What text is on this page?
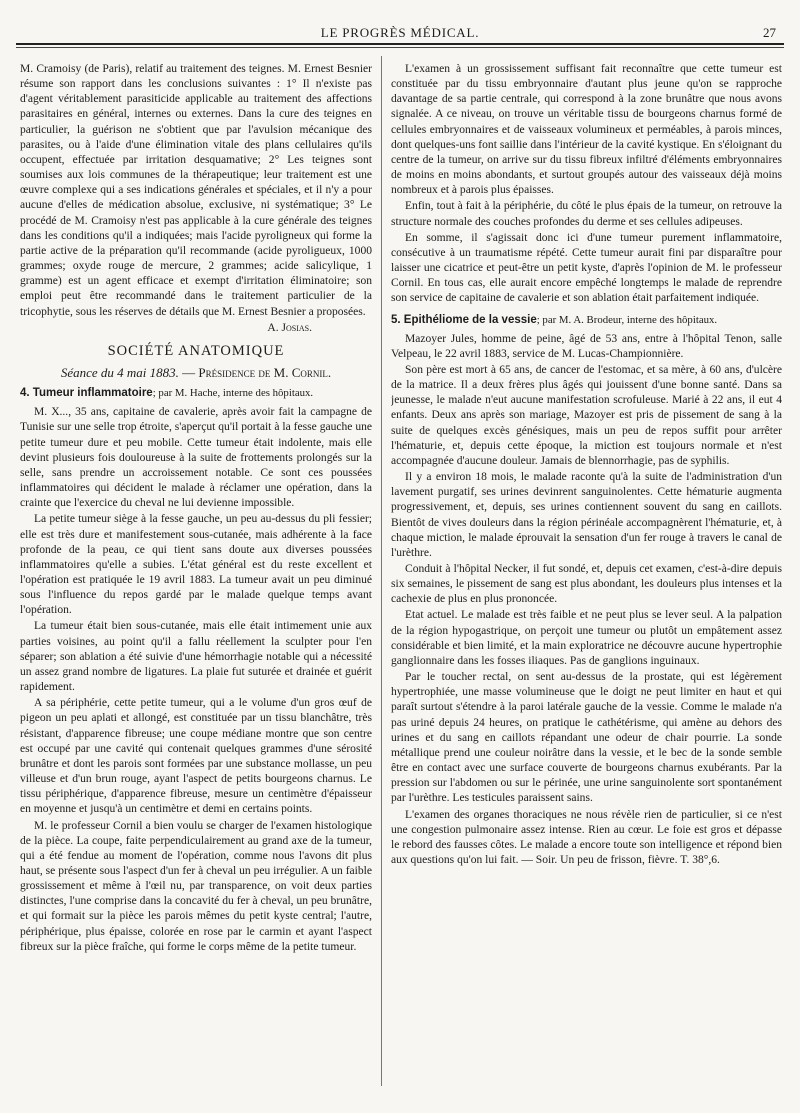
LE PROGRÈS MÉDICAL.	27

M. Cramoisy (de Paris), relatif au traitement des teignes. M. Ernest Besnier résume son rapport dans les conclusions suivantes : 1° Il n'existe pas d'agent véritablement parasiticide applicable au traitement des affections parasitaires en général, internes ou externes. Dans la cure des teignes en particulier, la guérison ne s'obtient que par l'avulsion mécanique des parasites, ou à l'aide d'une élimination vitale des plans cellulaires qu'ils occupent, effectuée par irritation desquamative; 2° Les teignes sont soumises aux lois communes de la thérapeutique; leur traitement est une œuvre complexe qui a ses indications générales et spéciales, et il n'y a pour aucune d'elles de médication absolue, exclusive, ni systématique; 3° Le procédé de M. Cramoisy n'est pas applicable à la cure générale des teignes dans les conditions qu'il a indiquées; mais l'acide pyroligneux qui forme la partie active de la préparation qu'il recommande (acide pyroligueux, 1000 grammes; oxyde rouge de mercure, 2 grammes; acide salicylique, 1 gramme) est un agent efficace et exempt d'irritation éliminatoire; son emploi peut être recommandé dans le traitement particulier de la tricophytie, sous les réserves de détails que M. Ernest Besnier a proposées.

A. Josias.

SOCIÉTÉ ANATOMIQUE
Séance du 4 mai 1883. — Présidence de M. Cornil.
4. Tumeur inflammatoire; par M. Hache, interne des hôpitaux.

M. X..., 35 ans, capitaine de cavalerie, après avoir fait la campagne de Tunisie sur une selle trop étroite, s'aperçut qu'il portait à la fesse gauche une petite tumeur dure et peu mobile. Cette tumeur était indolente, mais elle devint plusieurs fois douloureuse à la suite de frottements prolongés sur la selle, sans prendre un accroissement notable. Ce sont ces poussées inflammatoires qui décident le malade à réclamer une opération, dans la crainte que l'exercice du cheval ne lui devienne impossible.

La petite tumeur siège à la fesse gauche, un peu au-dessus du pli fessier; elle est très dure et manifestement sous-cutanée, mais adhérente à la face profonde de la peau, ce qui tient sans doute aux diverses poussées inflammatoires qu'elle a subies. L'état général est du reste excellent et l'opération est pratiquée le 19 avril 1883. La tumeur avait un peu diminué sous l'influence du repos gardé par le malade quelque temps avant l'opération.

La tumeur était bien sous-cutanée, mais elle était intimement unie aux parties voisines, au point qu'il a fallu réellement la sculpter pour l'en séparer; son ablation a été suivie d'une hémorrhagie notable qui a nécessité un assez grand nombre de ligatures. La plaie fut suturée et drainée et guérit rapidement.

A sa périphérie, cette petite tumeur, qui a le volume d'un gros œuf de pigeon un peu aplati et allongé, est constituée par un tissu blanchâtre, très résistant, d'apparence fibreuse; une coupe médiane montre que son centre est occupé par une cavité qui contenait quelques grammes d'une sérosité brunâtre et dont les parois sont formées par une substance mollasse, un peu villeuse et d'un brun rouge, ayant l'aspect de petits bourgeons charnus. Le tissu périphérique, d'apparence fibreuse, mesure un centimètre d'épaisseur en moyenne et jusqu'à un centimètre et demi en certains points.

M. le professeur Cornil a bien voulu se charger de l'examen histologique de la pièce. La coupe, faite perpendiculairement au grand axe de la tumeur, qui a été fendue au moment de l'opération, comme nous l'avons dit plus haut, se présente sous l'aspect d'un fer à cheval un peu irrégulier. A un faible grossissement et même à l'œil nu, par transparence, on voit deux parties distinctes, l'une comprise dans la concavité du fer à cheval, un peu brunâtre, et qui formait sur la pièce les parois mêmes du petit kyste central; l'autre, périphérique, plus épaisse, colorée en rose par le carmin et ayant l'aspect fibreux sur la pièce fraîche, qui forme le corps même de la petite tumeur.

L'examen à un grossissement suffisant fait reconnaître que cette tumeur est constituée par du tissu embryonnaire d'autant plus jeune qu'on se rapproche davantage de sa partie centrale, qui correspond à la zone brunâtre que nous avons signalée. A ce niveau, on trouve un véritable tissu de bourgeons charnus formé de cellules embryonnaires et de vaisseaux volumineux et perméables, à parois minces, dont quelques-uns font saillie dans l'intérieur de la cavité kystique. En s'éloignant du centre de la tumeur, on arrive sur du tissu fibreux infiltré d'éléments embryonnaires de moins en moins abondants, et surtout groupés autour des vaisseaux déjà moins nombreux et à parois plus épaisses.

Enfin, tout à fait à la périphérie, du côté le plus épais de la tumeur, on retrouve la structure normale des couches profondes du derme et ses cellules adipeuses.

En somme, il s'agissait donc ici d'une tumeur purement inflammatoire, consécutive à un traumatisme répété. Cette tumeur aurait fini par disparaître pour laisser une cicatrice et peut-être un petit kyste, d'après l'opinion de M. le professeur Cornil. En tous cas, elle aurait encore empêché longtemps le malade de reprendre son service de capitaine de cavalerie et son ablation était parfaitement indiquée.

5. Epithéliome de la vessie; par M. A. Brodeur, interne des hôpitaux.

Mazoyer Jules, homme de peine, âgé de 53 ans, entre à l'hôpital Tenon, salle Velpeau, le 22 avril 1883, service de M. Lucas-Championnière.

Son père est mort à 65 ans, de cancer de l'estomac, et sa mère, à 60 ans, d'ulcère de la matrice. Il a deux frères plus âgés qui jouissent d'une bonne santé. Dans sa jeunesse, le malade n'eut aucune manifestation scrofuleuse. Marié à 22 ans, il eut 4 enfants. Deux ans après son mariage, Mazoyer est pris de pissement de sang à la suite de quelques excès génésiques, mais un peu de repos suffit pour arrêter l'hématurie, et, depuis cette époque, la miction est toujours normale et n'est accompagnée d'aucune douleur. Jamais de blennorrhagie, pas de syphilis.

Il y a environ 18 mois, le malade raconte qu'à la suite de l'administration d'un lavement purgatif, ses urines devinrent sanguinolentes. Cette hématurie augmenta progressivement, et, depuis, ses urines contiennent souvent du sang en caillots. Bientôt de vives douleurs dans la région périnéale accompagnèrent l'hématurie, et, à chaque miction, le malade éprouvait la sensation d'un fer rouge à travers le canal de l'urèthre.

Conduit à l'hôpital Necker, il fut sondé, et, depuis cet examen, c'est-à-dire depuis six semaines, le pissement de sang est plus abondant, les douleurs plus intenses et la cachexie de plus en plus prononcée.

Etat actuel. Le malade est très faible et ne peut plus se lever seul. A la palpation de la région hypogastrique, on perçoit une tumeur ou plutôt un empâtement assez considérable et bien limité, et la main exploratrice ne découvre aucune hypertrophie ganglionnaire dans les fosses iliaques. Pas de ganglions inguinaux.

Par le toucher rectal, on sent au-dessus de la prostate, qui est légèrement hypertrophiée, une masse volumineuse que le doigt ne peut limiter en haut et qui paraît surtout s'étendre à la paroi latérale gauche de la vessie. Comme le malade n'a pas uriné depuis 24 heures, on pratique le cathétérisme, qui amène au dehors des urines et du sang en caillots répandant une odeur de chair pourrie. La sonde métallique prend une couleur noirâtre dans la vessie, et le bec de la sonde semble être en contact avec une surface couverte de bourgeons charnus exubérants. Par la pression sur l'abdomen ou sur le périnée, une urine sanguinolente sort spontanément par l'urèthre. Les testicules paraissent sains.

L'examen des organes thoraciques ne nous révèle rien de particulier, si ce n'est une congestion pulmonaire assez intense. Rien au cœur. Le foie est gros et dépasse le rebord des fausses côtes. Le malade a encore toute son intelligence et répond bien aux questions qu'on lui fait. — Soir. Un peu de frisson, fièvre. T. 38°,6.
